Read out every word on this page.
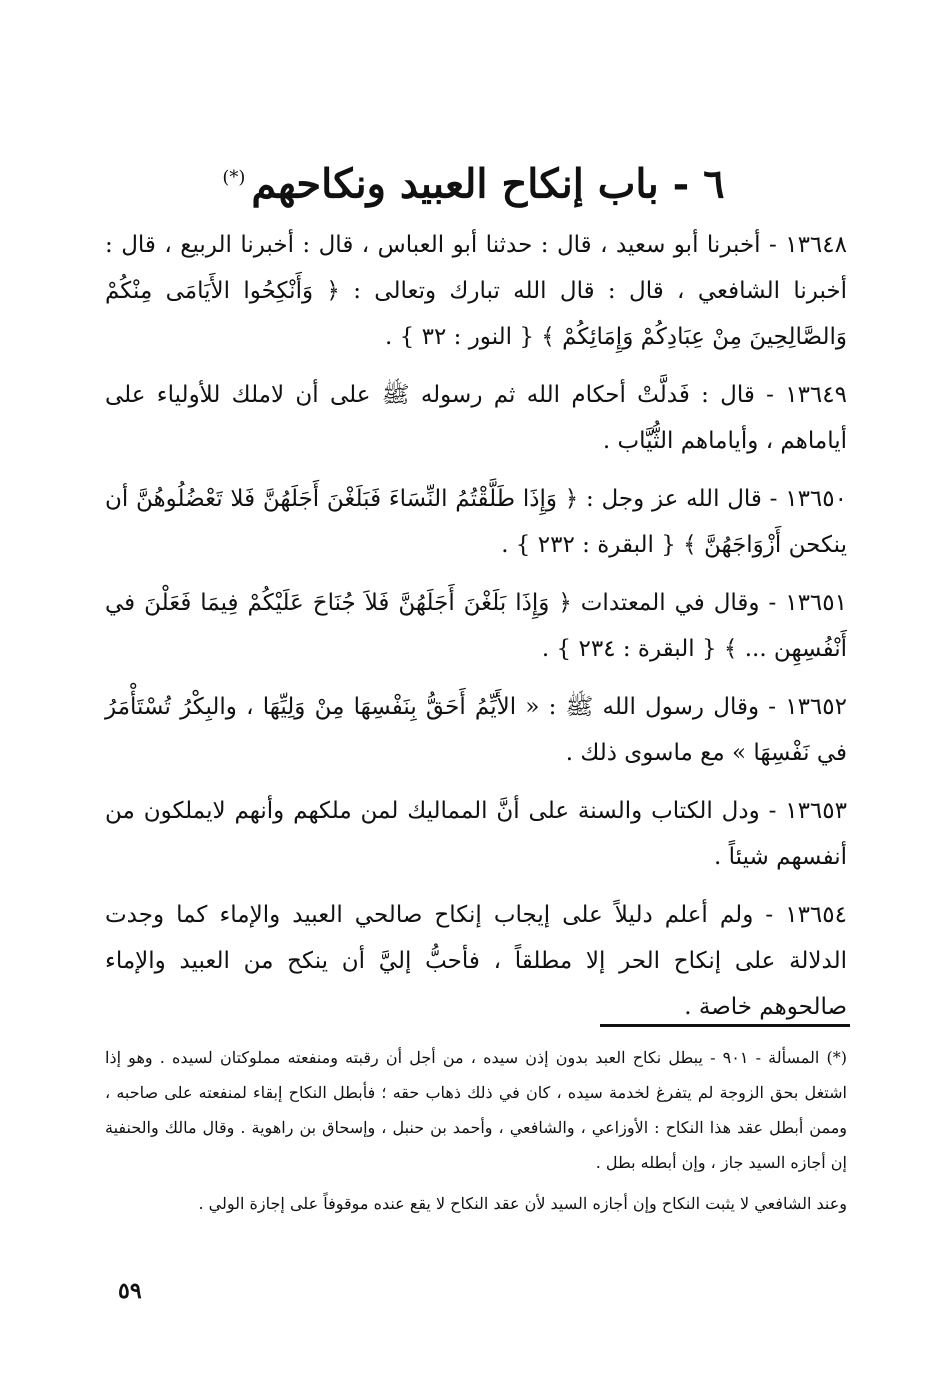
٦ - باب إنكاح العبيد ونكاحهم(*)

١٣٦٤٨ - أخبرنا أبو سعيد ، قال : حدثنا أبو العباس ، قال : أخبرنا الربيع ، قال : أخبرنا الشافعي ، قال : قال الله تبارك وتعالى : ﴿ وَأَنْكِحُوا الأَيَامَى مِنْكُمْ وَالصَّالِحِينَ مِنْ عِبَادِكُمْ وَإِمَائِكُمْ ﴾ { النور : ٣٢ } .

١٣٦٤٩ - قال : فَدلَّتْ أحكام الله ثم رسوله ﷺ على أن لاملك للأولياء على أياماهم ، وأياماهم الثُّيَّاب .

١٣٦٥٠ - قال الله عز وجل : ﴿ وَإِذَا طَلَّقْتُمُ النِّسَاءَ فَبَلَغْنَ أَجَلَهُنَّ فَلا تَعْضُلُوهُنَّ أن ينكحن أَزْوَاجَهُنَّ ﴾ { البقرة : ٢٣٢ } .

١٣٦٥١ - وقال في المعتدات ﴿ وَإِذَا بَلَغْنَ أَجَلَهُنَّ فَلاَ جُنَاحَ عَلَيْكُمْ فِيمَا فَعَلْنَ في أَنْفُسِهِن ... ﴾ { البقرة : ٢٣٤ } .

١٣٦٥٢ - وقال رسول الله ﷺ : « الأَيِّمُ أَحَقُّ بِنَفْسِهَا مِنْ وَلِيِّهَا ، والبِكْرُ تُسْتَأْمَرُ في نَفْسِهَا » مع ماسوى ذلك .

١٣٦٥٣ - ودل الكتاب والسنة على أنَّ المماليك لمن ملكهم وأنهم لايملكون من أنفسهم شيئاً .

١٣٦٥٤ - ولم أعلم دليلاً على إيجاب إنكاح صالحي العبيد والإماء كما وجدت الدلالة على إنكاح الحر إلا مطلقاً ، فأحبُّ إليَّ أن ينكح من العبيد والإماء صالحوهم خاصة .

(*) المسألة - ٩٠١ - يبطل نكاح العبد بدون إذن سيده ، من أجل أن رقبته ومنفعته مملوكتان لسيده . وهو إذا اشتغل بحق الزوجة لم يتفرغ لخدمة سيده ، كان في ذلك ذهاب حقه ؛ فأبطل النكاح إبقاء لمنفعته على صاحبه ، وممن أبطل عقد هذا النكاح : الأوزاعي ، والشافعي ، وأحمد بن حنبل ، وإسحاق بن راهوية . وقال مالك والحنفية إن أجازه السيد جاز ، وإن أبطله بطل .

وعند الشافعي لا يثبت النكاح وإن أجازه السيد لأن عقد النكاح لا يقع عنده موقوفاً على إجازة الولي .

٥٩
